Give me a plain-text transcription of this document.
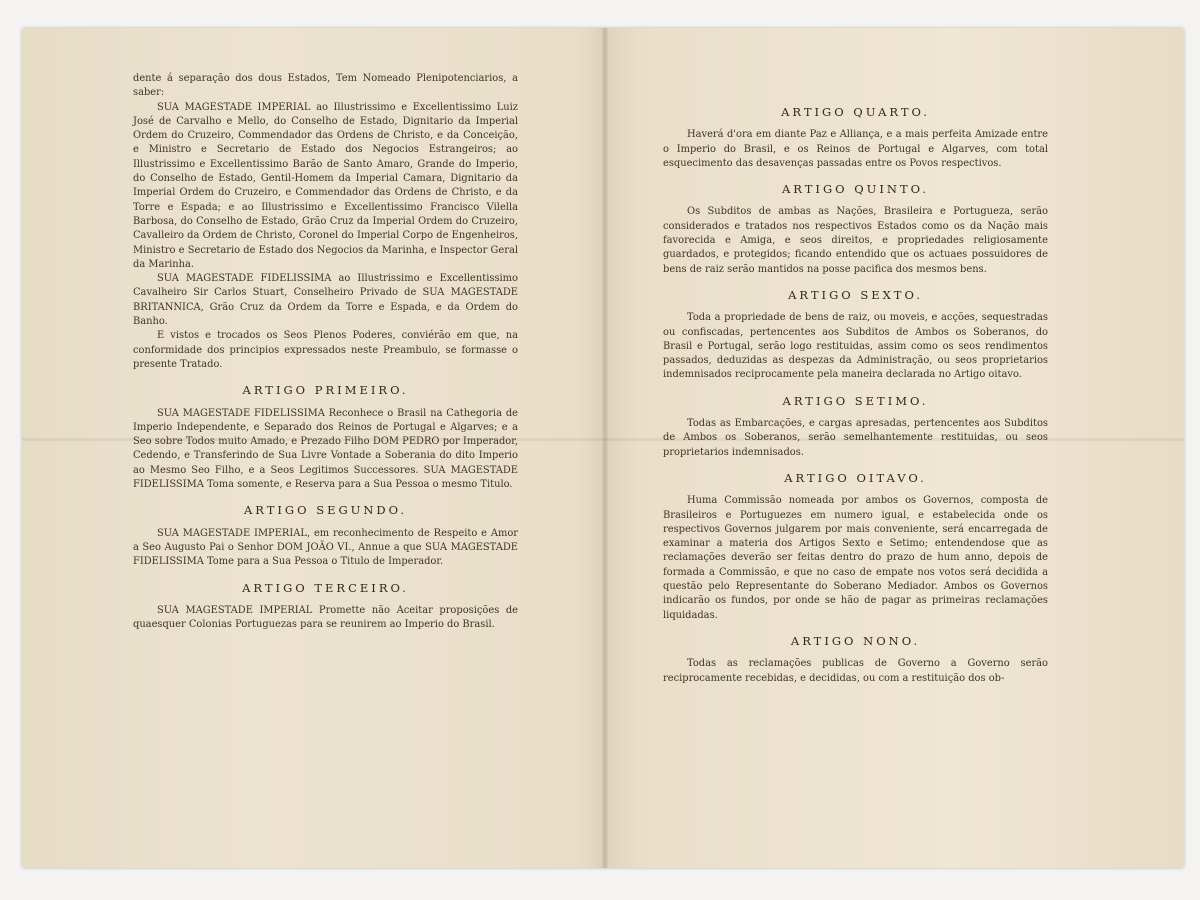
dente á separação dos dous Estados, Tem Nomeado Plenipotenciarios, a saber:

SUA MAGESTADE IMPERIAL ao Illustrissimo e Excellentissimo Luiz José de Carvalho e Mello, do Conselho de Estado, Dignitario da Imperial Ordem do Cruzeiro, Commendador das Ordens de Christo, e da Conceição, e Ministro e Secretario de Estado dos Negocios Estrangeiros; ao Illustrissimo e Excellentissimo Barão de Santo Amaro, Grande do Imperio, do Conselho de Estado, Gentil-Homem da Imperial Camara, Dignitario da Imperial Ordem do Cruzeiro, e Commendador das Ordens de Christo, e da Torre e Espada; e ao Illustrissimo e Excellentissimo Francisco Vilella Barbosa, do Conselho de Estado, Grão Cruz da Imperial Ordem do Cruzeiro, Cavalleiro da Ordem de Christo, Coronel do Imperial Corpo de Engenheiros, Ministro e Secretario de Estado dos Negocios da Marinha, e Inspector Geral da Marinha.

SUA MAGESTADE FIDELISSIMA ao Illustrissimo e Excellentissimo Cavalheiro Sir Carlos Stuart, Conselheiro Privado de SUA MAGESTADE BRITANNICA, Grão Cruz da Ordem da Torre e Espada, e da Ordem do Banho.

E vistos e trocados os Seos Plenos Poderes, conviérão em que, na conformidade dos principios expressados neste Preambulo, se formasse o presente Tratado.

ARTIGO PRIMEIRO.

SUA MAGESTADE FIDELISSIMA Reconhece o Brasil na Cathegoria de Imperio Independente, e Separado dos Reinos de Portugal e Algarves; e a Seo sobre Todos muito Amado, e Prezado Filho DOM PEDRO por Imperador, Cedendo, e Transferindo de Sua Livre Vontade a Soberania do dito Imperio ao Mesmo Seo Filho, e a Seos Legitimos Successores. SUA MAGESTADE FIDELISSIMA Toma somente, e Reserva para a Sua Pessoa o mesmo Titulo.

ARTIGO SEGUNDO.

SUA MAGESTADE IMPERIAL, em reconhecimento de Respeito e Amor a Seo Augusto Pai o Senhor DOM JOÃO VI., Annue a que SUA MAGESTADE FIDELISSIMA Tome para a Sua Pessoa o Titulo de Imperador.

ARTIGO TERCEIRO.

SUA MAGESTADE IMPERIAL Promette não Aceitar proposições de quaesquer Colonias Portuguezas para se reunirem ao Imperio do Brasil.

ARTIGO QUARTO.

Haverá d'ora em diante Paz e Alliança, e a mais perfeita Amizade entre o Imperio do Brasil, e os Reinos de Portugal e Algarves, com total esquecimento das desavenças passadas entre os Povos respectivos.

ARTIGO QUINTO.

Os Subditos de ambas as Nações, Brasileira e Portugueza, serão considerados e tratados nos respectivos Estados como os da Nação mais favorecida e Amiga, e seos direitos, e propriedades religiosamente guardados, e protegidos; ficando entendido que os actuaes possuidores de bens de raiz serão mantidos na posse pacifica dos mesmos bens.

ARTIGO SEXTO.

Toda a propriedade de bens de raiz, ou moveis, e acções, sequestradas ou confiscadas, pertencentes aos Subditos de Ambos os Soberanos, do Brasil e Portugal, serão logo restituidas, assim como os seos rendimentos passados, deduzidas as despezas da Administração, ou seos proprietarios indemnisados reciprocamente pela maneira declarada no Artigo oitavo.

ARTIGO SETIMO.

Todas as Embarcações, e cargas apresadas, pertencentes aos Subditos de Ambos os Soberanos, serão semelhantemente restituidas, ou seos proprietarios indemnisados.

ARTIGO OITAVO.

Huma Commissão nomeada por ambos os Governos, composta de Brasileiros e Portuguezes em numero igual, e estabelecida onde os respectivos Governos julgarem por mais conveniente, será encarregada de examinar a materia dos Artigos Sexto e Setimo; entendendose que as reclamações deverão ser feitas dentro do prazo de hum anno, depois de formada a Commissão, e que no caso de empate nos votos será decidida a questão pelo Representante do Soberano Mediador. Ambos os Governos indicarão os fundos, por onde se hão de pagar as primeiras reclamações liquidadas.

ARTIGO NONO.

Todas as reclamações publicas de Governo a Governo serão reciprocamente recebidas, e decididas, ou com a restituição dos ob-
